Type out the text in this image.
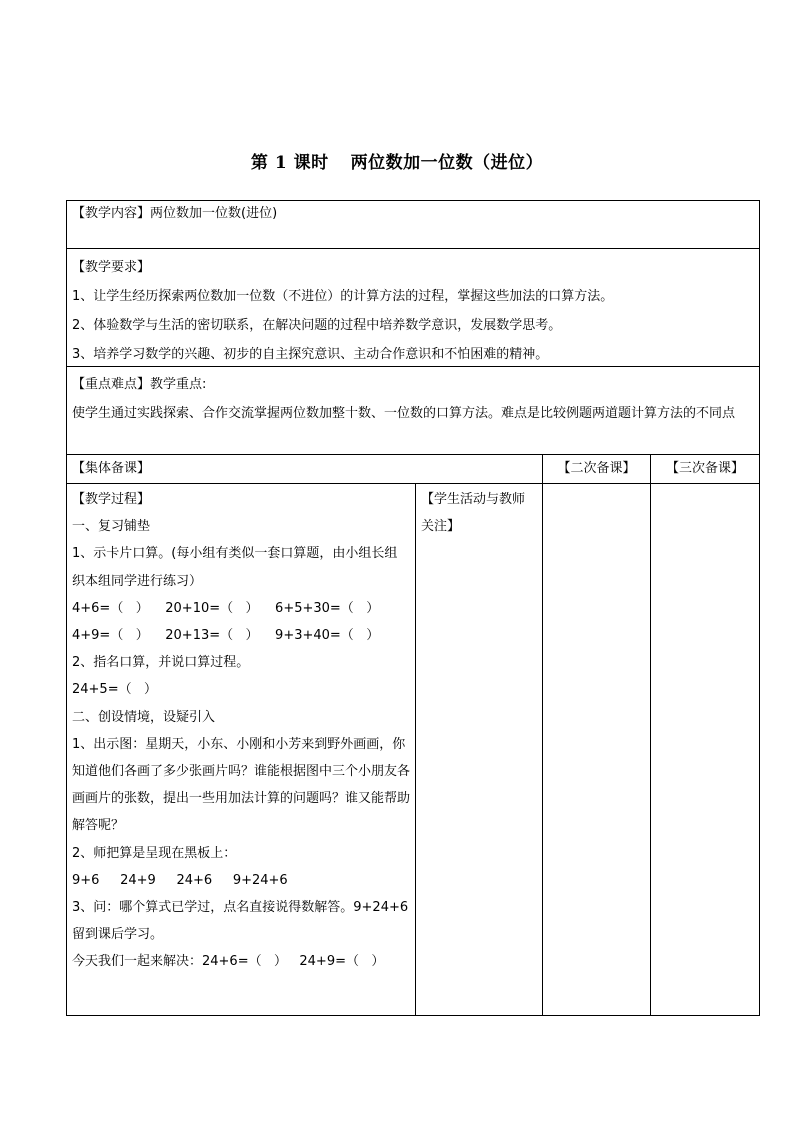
第 1 课时 两位数加一位数（进位）

【教学内容】两位数加一位数(进位)

【教学要求】

1、让学生经历探索两位数加一位数（不进位）的计算方法的过程，掌握这些加法的口算方法。

2、体验数学与生活的密切联系，在解决问题的过程中培养数学意识，发展数学思考。

3、培养学习数学的兴趣、初步的自主探究意识、主动合作意识和不怕困难的精神。

【重点难点】教学重点:

使学生通过实践探索、合作交流掌握两位数加整十数、一位数的口算方法。难点是比较例题两道题计算方法的不同点

【集体备课】	【二次备课】	【三次备课】

【教学过程】

一、复习铺垫

1、示卡片口算。(每小组有类似一套口算题，由小组长组织本组同学进行练习）

4+6=（   ）    20+10=（   ）    6+5+30=（   ）

4+9=（   ）    20+13=（   ）    9+3+40=（   ）

2、指名口算，并说口算过程。

24+5=（   ）

二、创设情境，设疑引入

1、出示图：星期天，小东、小刚和小芳来到野外画画，你知道他们各画了多少张画片吗？谁能根据图中三个小朋友各画画片的张数，提出一些用加法计算的问题吗？谁又能帮助解答呢？

2、师把算是呈现在黑板上：

9+6     24+9     24+6     9+24+6

3、问：哪个算式已学过，点名直接说得数解答。9+24+6 留到课后学习。

今天我们一起来解决：24+6=（   ）   24+9=（   ）

【学生活动与教师关注】
